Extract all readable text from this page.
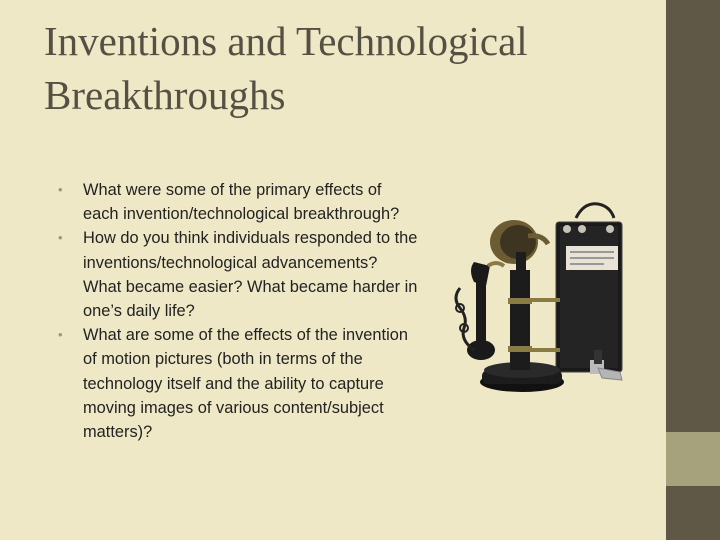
Inventions and Technological
Breakthroughs
• What were some of the primary effects of each invention/technological breakthrough?
• How do you think individuals responded to the inventions/technological advancements? What became easier? What became harder in one’s daily life?
• What are some of the effects of the invention of motion pictures (both in terms of the technology itself and the ability to capture moving images of various content/subject matters)?
